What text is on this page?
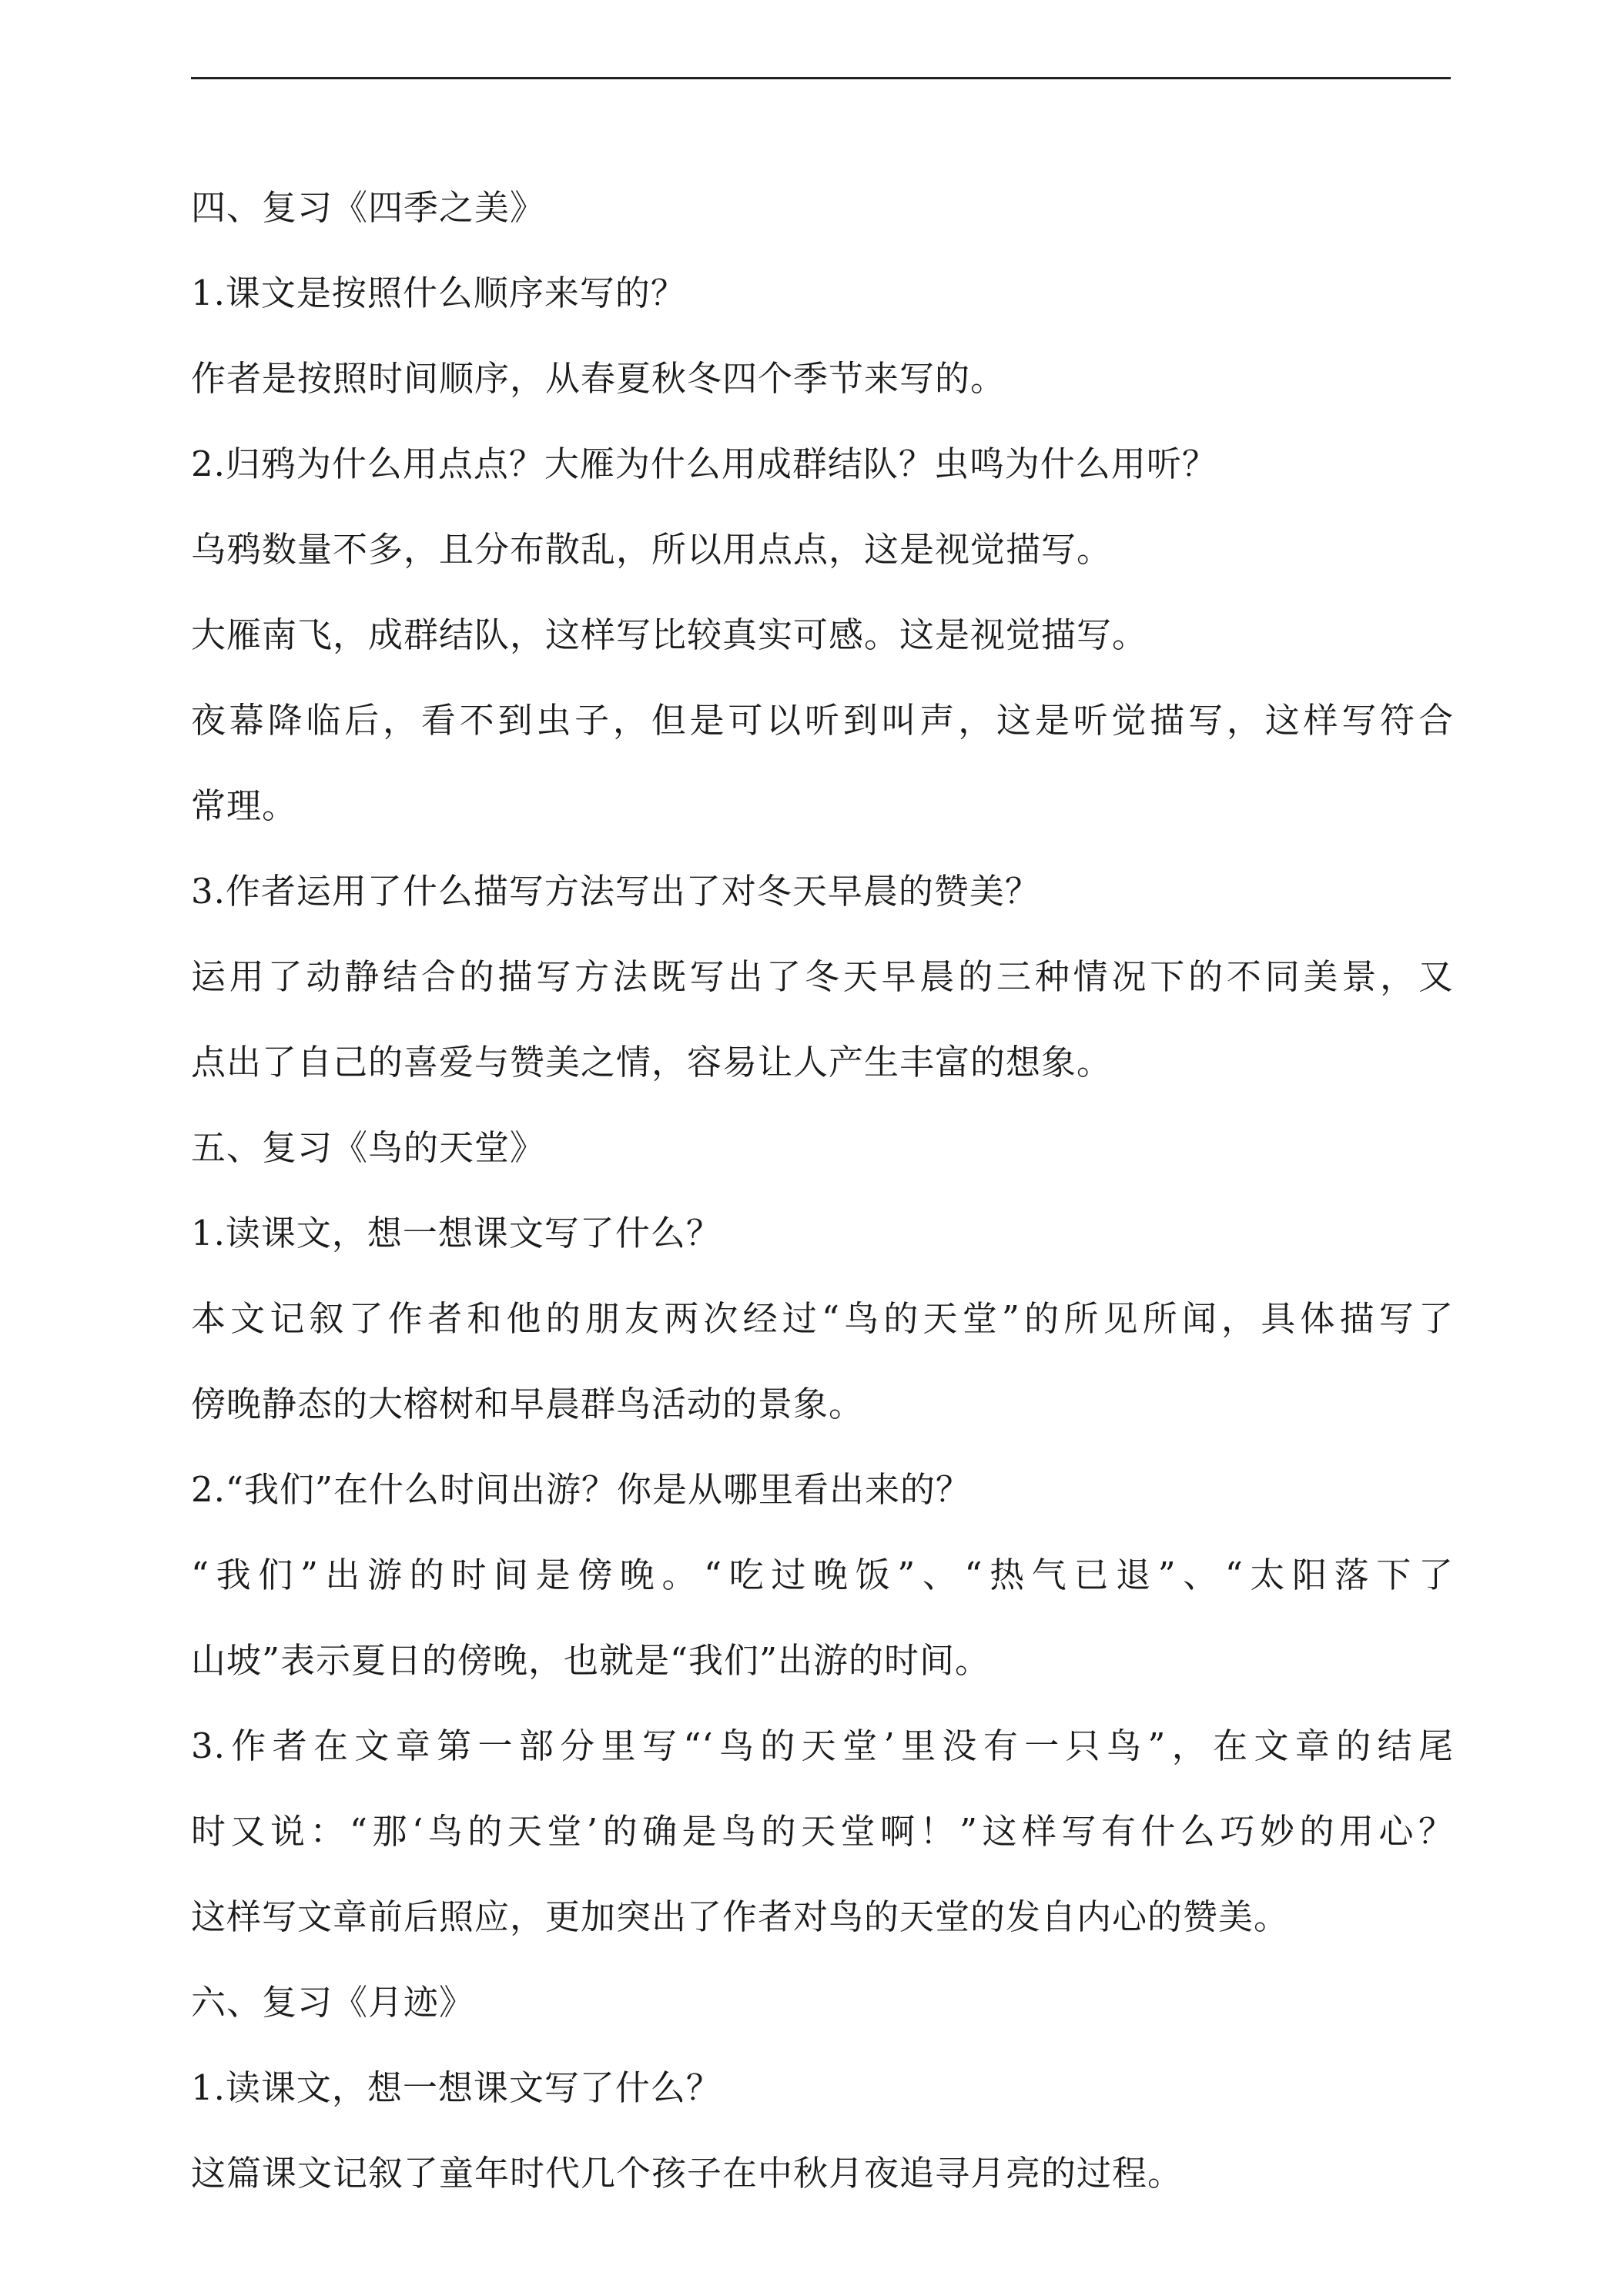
四、复习《四季之美》
1.课文是按照什么顺序来写的？
作者是按照时间顺序，从春夏秋冬四个季节来写的。
2.归鸦为什么用点点？大雁为什么用成群结队？虫鸣为什么用听？
乌鸦数量不多，且分布散乱，所以用点点，这是视觉描写。
大雁南飞，成群结队，这样写比较真实可感。这是视觉描写。
夜幕降临后，看不到虫子，但是可以听到叫声，这是听觉描写，这样写符合
常理。
3.作者运用了什么描写方法写出了对冬天早晨的赞美？
运用了动静结合的描写方法既写出了冬天早晨的三种情况下的不同美景，又
点出了自己的喜爱与赞美之情，容易让人产生丰富的想象。
五、复习《鸟的天堂》
1.读课文，想一想课文写了什么？
本文记叙了作者和他的朋友两次经过“鸟的天堂”的所见所闻，具体描写了
傍晚静态的大榕树和早晨群鸟活动的景象。
2.“我们”在什么时间出游？你是从哪里看出来的？
“我们”出游的时间是傍晚。“吃过晚饭”、“热气已退”、“太阳落下了
山坡”表示夏日的傍晚，也就是“我们”出游的时间。
3.作者在文章第一部分里写“‘鸟的天堂’里没有一只鸟”，在文章的结尾
时又说：“那‘鸟的天堂’的确是鸟的天堂啊！”这样写有什么巧妙的用心？
这样写文章前后照应，更加突出了作者对鸟的天堂的发自内心的赞美。
六、复习《月迹》
1.读课文，想一想课文写了什么？
这篇课文记叙了童年时代几个孩子在中秋月夜追寻月亮的过程。
